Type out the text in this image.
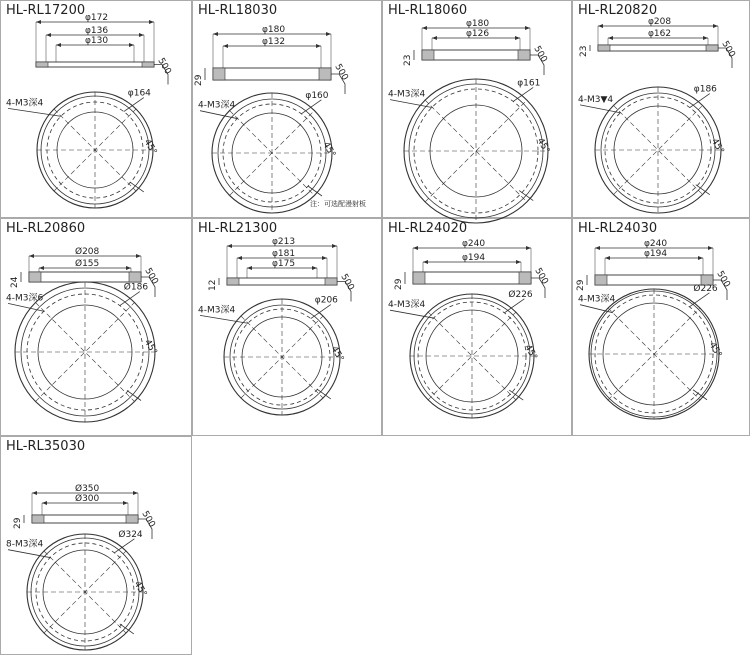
HL-RL17200
500
φ172
φ136
φ130
4-M3深4
φ164
45°
HL-RL18030
500
φ180
φ132
29
4-M3深4
φ160
45°
注：可选配漫射板
HL-RL18060
500
φ180
φ126
23
4-M3深4
φ161
45°
HL-RL20820
500
φ208
φ162
23
4-M3▼4
φ186
45°
HL-RL20860
500
Ø208
Ø155
24
4-M3深6
Ø186
45°
HL-RL21300
500
φ213
φ181
φ175
12
4-M3深4
φ206
45°
HL-RL24020
500
φ240
φ194
29
4-M3深4
Ø226
45°
HL-RL24030
500
φ240
φ194
29
4-M3深4
Ø226
45°
HL-RL35030
500
Ø350
Ø300
29
8-M3深4
Ø324
45°
